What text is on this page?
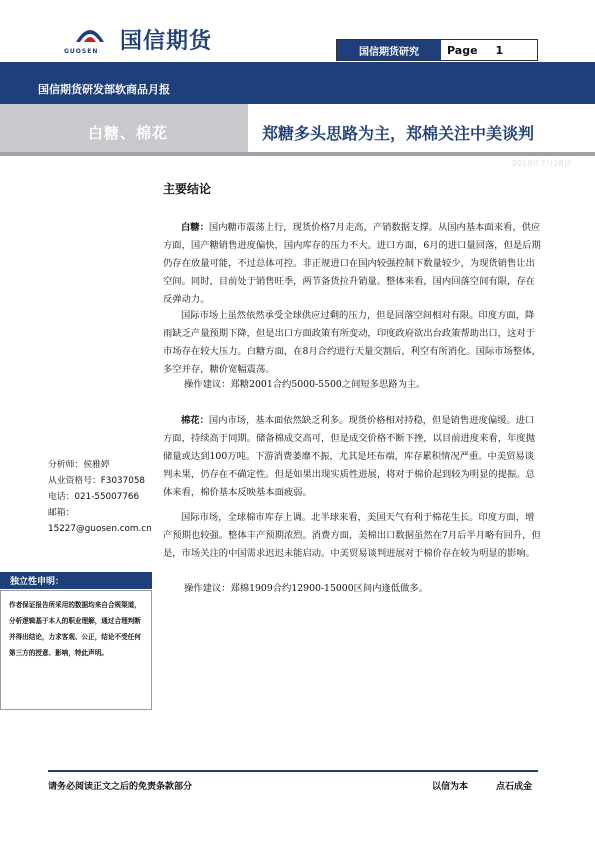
GUOSEN 国信期货	国信期货研究	Page 1
国信期货研发部软商品月报
白糖、棉花	郑糖多头思路为主，郑棉关注中美谈判
2019年7月28日
主要结论
白糖：国内糖市震荡上行，现货价格7月走高，产销数据支撑。从国内基本面来看，供应方面，国产糖销售进度偏快，国内库存的压力不大。进口方面，6月的进口量回落，但是后期仍存在放量可能，不过总体可控。非正规进口在国内较强控制下数量较少，为现货销售让出空间。同时，目前处于销售旺季，两节备货拉升销量。整体来看，国内回落空间有限，存在反弹动力。
国际市场上虽然依然承受全球供应过剩的压力，但是回落空间相对有限。印度方面，降雨缺乏产量预期下降，但是出口方面政策有所变动，印度政府欲出台政策帮助出口，这对于市场存在较大压力。白糖方面，在8月合约进行天量交割后，利空有所消化。国际市场整体，多空并存，糖价宽幅震荡。
操作建议：郑糖2001合约5000-5500之间短多思路为主。
棉花：国内市场，基本面依然缺乏利多。现货价格相对持稳，但是销售进度偏缓。进口方面，持续高于同期。储备棉成交高可，但是成交价格不断下挫，以目前进度来看，年度抛储量或达到100万吨。下游消费萎靡不振，尤其是坯布端，库存累积情况严重。中美贸易谈判未果，仍存在不确定性。但是如果出现实质性进展，将对于棉价起到较为明显的提振。总体来看，棉价基本反映基本面疲弱。
国际市场，全球棉市库存上调。北半球来看，美国天气有利于棉花生长。印度方面，增产预期也较强。整体丰产预期浓烈。消费方面，美棉出口数据虽然在7月后半月略有回升，但是，市场关注的中国需求迟迟未能启动。中美贸易谈判进展对于棉价存在较为明显的影响。
操作建议：郑棉1909合约12900-15000区间内逢低做多。
分析师：侯雅婷
从业资格号：F3037058
电话：021-55007766
邮箱：15227@guosen.com.cn
独立性申明：
作者保证报告所采用的数据均来自合规渠道，分析逻辑基于本人的职业理解，通过合理判断并得出结论，力求客观、公正，结论不受任何第三方的授意、影响，特此声明。
请务必阅读正文之后的免责条款部分	以信为本	点石成金
